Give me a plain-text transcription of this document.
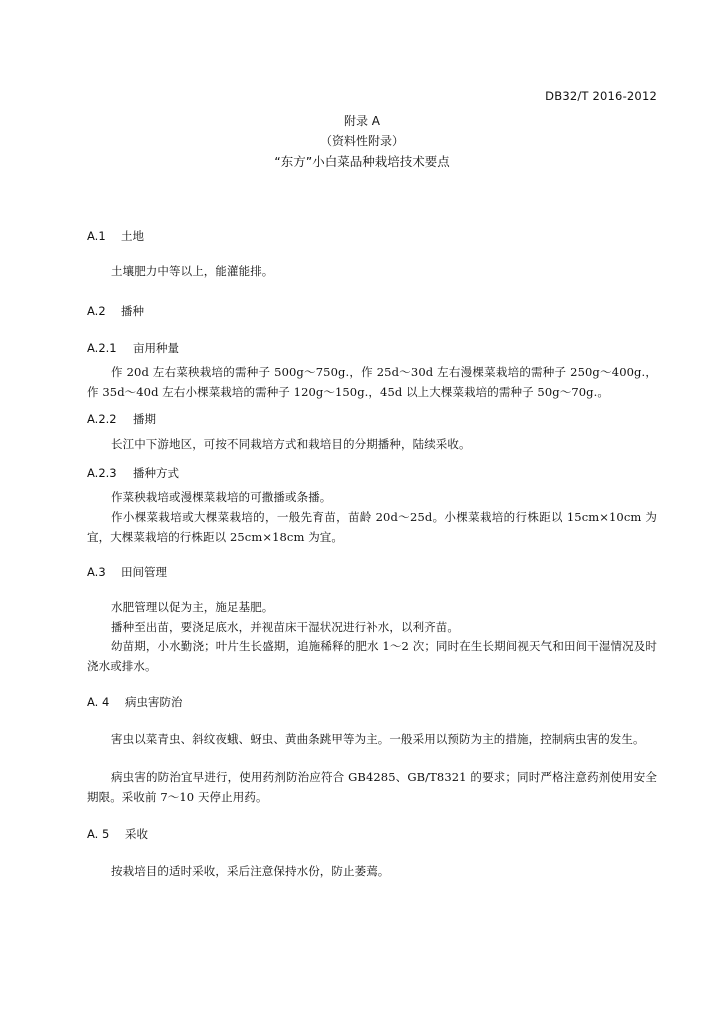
DB32/T 2016-2012
附录 A
（资料性附录）
“东方”小白菜品种栽培技术要点
A.1 土地
土壤肥力中等以上，能灌能排。
A.2 播种
A.2.1 亩用种量
作 20d 左右菜秧栽培的需种子 500g～750g.，作 25d～30d 左右漫棵菜栽培的需种子 250g～400g.，作 35d～40d 左右小棵菜栽培的需种子 120g～150g.，45d 以上大棵菜栽培的需种子 50g～70g.。
A.2.2 播期
长江中下游地区，可按不同栽培方式和栽培目的分期播种，陆续采收。
A.2.3 播种方式
作菜秧栽培或漫棵菜栽培的可撒播或条播。
作小棵菜栽培或大棵菜栽培的，一般先育苗，苗龄 20d～25d。小棵菜栽培的行株距以 15cm×10cm 为宜，大棵菜栽培的行株距以 25cm×18cm 为宜。
A.3 田间管理
水肥管理以促为主，施足基肥。
播种至出苗，要浇足底水，并视苗床干湿状况进行补水，以利齐苗。
幼苗期，小水勤浇；叶片生长盛期，追施稀释的肥水 1～2 次；同时在生长期间视天气和田间干湿情况及时浇水或排水。
A. 4 病虫害防治
害虫以菜青虫、斜纹夜蛾、蚜虫、黄曲条跳甲等为主。一般采用以预防为主的措施，控制病虫害的发生。
病虫害的防治宜早进行，使用药剂防治应符合 GB4285、GB/T8321 的要求；同时严格注意药剂使用安全期限。采收前 7～10 天停止用药。
A. 5 采收
按栽培目的适时采收，采后注意保持水份，防止萎蔫。
